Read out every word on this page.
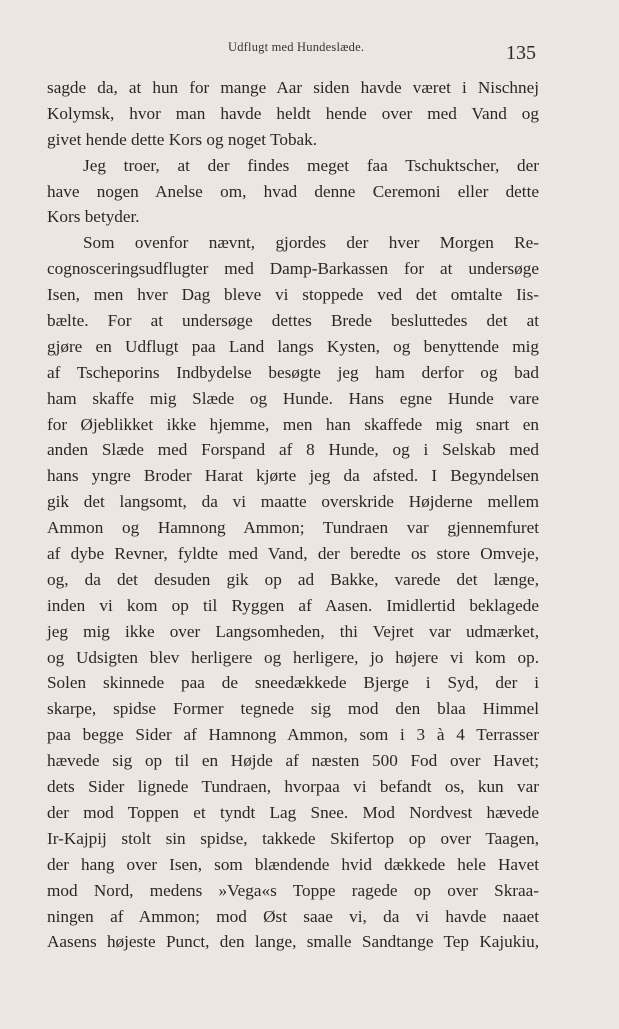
Udflugt med Hundeslæde.	135
sagde da, at hun for mange Aar siden havde været i Nischnej
Kolymsk, hvor man havde heldt hende over med Vand og
givet hende dette Kors og noget Tobak.
Jeg troer, at der findes meget faa Tschuktscher, der
have nogen Anelse om, hvad denne Ceremoni eller dette
Kors betyder.
Som ovenfor nævnt, gjordes der hver Morgen Re-
cognosceringsudflugter med Damp-Barkassen for at undersøge
Isen, men hver Dag bleve vi stoppede ved det omtalte Iis-
bælte. For at undersøge dettes Brede besluttedes det at
gjøre en Udflugt paa Land langs Kysten, og benyttende mig
af Tscheporins Indbydelse besøgte jeg ham derfor og bad
ham skaffe mig Slæde og Hunde. Hans egne Hunde vare
for Øjeblikket ikke hjemme, men han skaffede mig snart en
anden Slæde med Forspand af 8 Hunde, og i Selskab med
hans yngre Broder Harat kjørte jeg da afsted. I Begyndelsen
gik det langsomt, da vi maatte overskride Højderne mellem
Ammon og Hamnong Ammon; Tundraen var gjennemfuret
af dybe Revner, fyldte med Vand, der beredte os store Omveje,
og, da det desuden gik op ad Bakke, varede det længe,
inden vi kom op til Ryggen af Aasen. Imidlertid beklagede
jeg mig ikke over Langsomheden, thi Vejret var udmærket,
og Udsigten blev herligere og herligere, jo højere vi kom op.
Solen skinnede paa de sneedækkede Bjerge i Syd, der i
skarpe, spidse Former tegnede sig mod den blaa Himmel
paa begge Sider af Hamnong Ammon, som i 3 à 4 Terrasser
hævede sig op til en Højde af næsten 500 Fod over Havet;
dets Sider lignede Tundraen, hvorpaa vi befandt os, kun var
der mod Toppen et tyndt Lag Snee. Mod Nordvest hævede
Ir-Kajpij stolt sin spidse, takkede Skifertop op over Taagen,
der hang over Isen, som blændende hvid dækkede hele Havet
mod Nord, medens »Vega«s Toppe ragede op over Skraa-
ningen af Ammon; mod Øst saae vi, da vi havde naaet
Aasens højeste Punct, den lange, smalle Sandtange Tep Kajukiu,
